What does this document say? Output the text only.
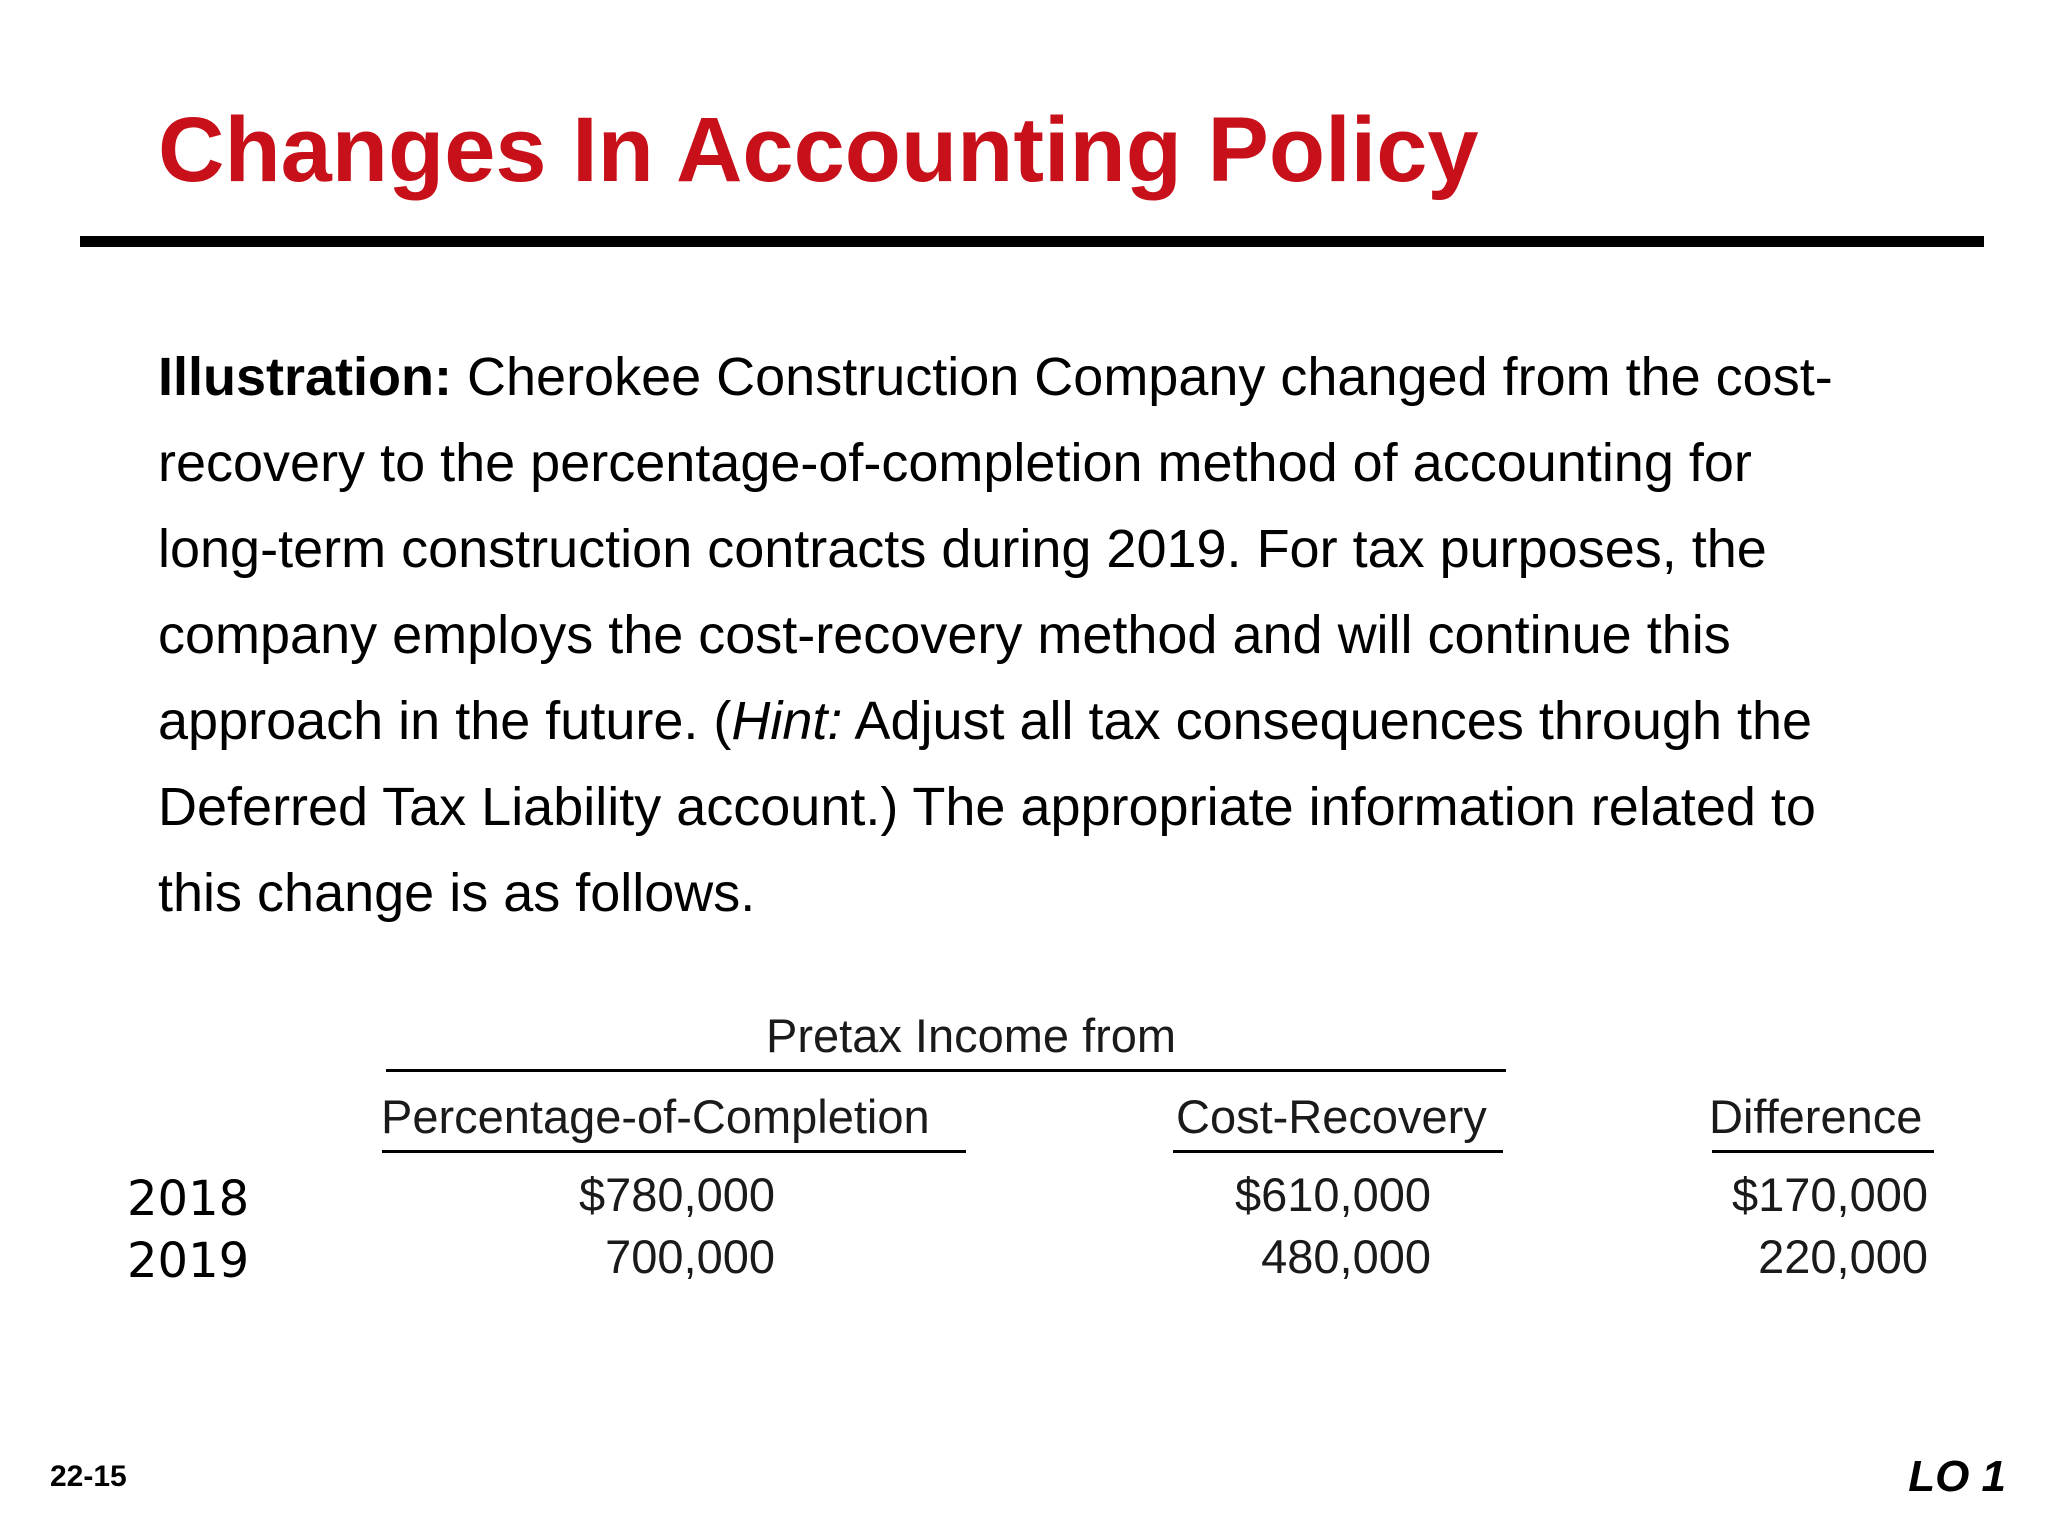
Changes In Accounting Policy
Illustration: Cherokee Construction Company changed from the cost-
recovery to the percentage-of-completion method of accounting for
long-term construction contracts during 2019. For tax purposes, the
company employs the cost-recovery method and will continue this
approach in the future. (Hint: Adjust all tax consequences through the
Deferred Tax Liability account.) The appropriate information related to
this change is as follows.
Pretax Income from
Percentage-of-Completion	Cost-Recovery	Difference
2018	$780,000	$610,000	$170,000
2019	700,000	480,000	220,000
22-15	LO 1
